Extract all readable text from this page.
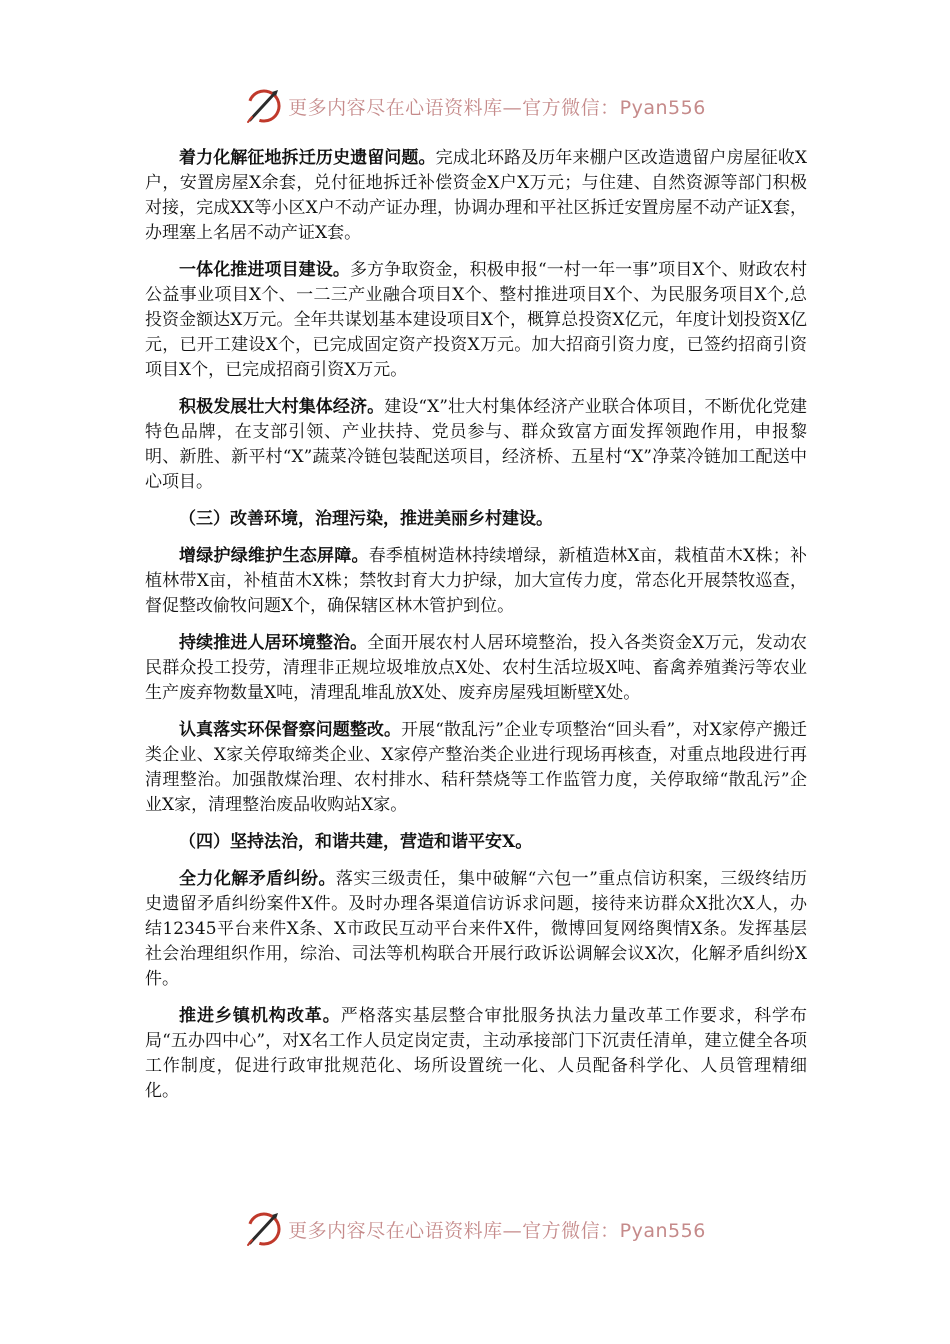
更多内容尽在心语资料库—官方微信：Pyan556

着力化解征地拆迁历史遗留问题。完成北环路及历年来棚户区改造遗留户房屋征收X户，安置房屋X余套，兑付征地拆迁补偿资金X户X万元；与住建、自然资源等部门积极对接，完成XX等小区X户不动产证办理，协调办理和平社区拆迁安置房屋不动产证X套，办理塞上名居不动产证X套。

一体化推进项目建设。多方争取资金，积极申报“一村一年一事”项目X个、财政农村公益事业项目X个、一二三产业融合项目X个、整村推进项目X个、为民服务项目X个,总投资金额达X万元。全年共谋划基本建设项目X个，概算总投资X亿元，年度计划投资X亿元，已开工建设X个，已完成固定资产投资X万元。加大招商引资力度，已签约招商引资项目X个，已完成招商引资X万元。

积极发展壮大村集体经济。建设“X”壮大村集体经济产业联合体项目，不断优化党建特色品牌，在支部引领、产业扶持、党员参与、群众致富方面发挥领跑作用，申报黎明、新胜、新平村“X”蔬菜冷链包装配送项目，经济桥、五星村“X”净菜冷链加工配送中心项目。

（三）改善环境，治理污染，推进美丽乡村建设。

增绿护绿维护生态屏障。春季植树造林持续增绿，新植造林X亩，栽植苗木X株；补植林带X亩，补植苗木X株；禁牧封育大力护绿，加大宣传力度，常态化开展禁牧巡查，督促整改偷牧问题X个，确保辖区林木管护到位。

持续推进人居环境整治。全面开展农村人居环境整治，投入各类资金X万元，发动农民群众投工投劳，清理非正规垃圾堆放点X处、农村生活垃圾X吨、畜禽养殖粪污等农业生产废弃物数量X吨，清理乱堆乱放X处、废弃房屋残垣断壁X处。

认真落实环保督察问题整改。开展“散乱污”企业专项整治“回头看”，对X家停产搬迁类企业、X家关停取缔类企业、X家停产整治类企业进行现场再核查，对重点地段进行再清理整治。加强散煤治理、农村排水、秸秆禁烧等工作监管力度，关停取缔“散乱污”企业X家，清理整治废品收购站X家。

（四）坚持法治，和谐共建，营造和谐平安X。

全力化解矛盾纠纷。落实三级责任，集中破解“六包一”重点信访积案，三级终结历史遗留矛盾纠纷案件X件。及时办理各渠道信访诉求问题，接待来访群众X批次X人，办结12345平台来件X条、X市政民互动平台来件X件，微博回复网络舆情X条。发挥基层社会治理组织作用，综治、司法等机构联合开展行政诉讼调解会议X次，化解矛盾纠纷X件。

推进乡镇机构改革。严格落实基层整合审批服务执法力量改革工作要求，科学布局“五办四中心”，对X名工作人员定岗定责，主动承接部门下沉责任清单，建立健全各项工作制度，促进行政审批规范化、场所设置统一化、人员配备科学化、人员管理精细化。

更多内容尽在心语资料库—官方微信：Pyan556
